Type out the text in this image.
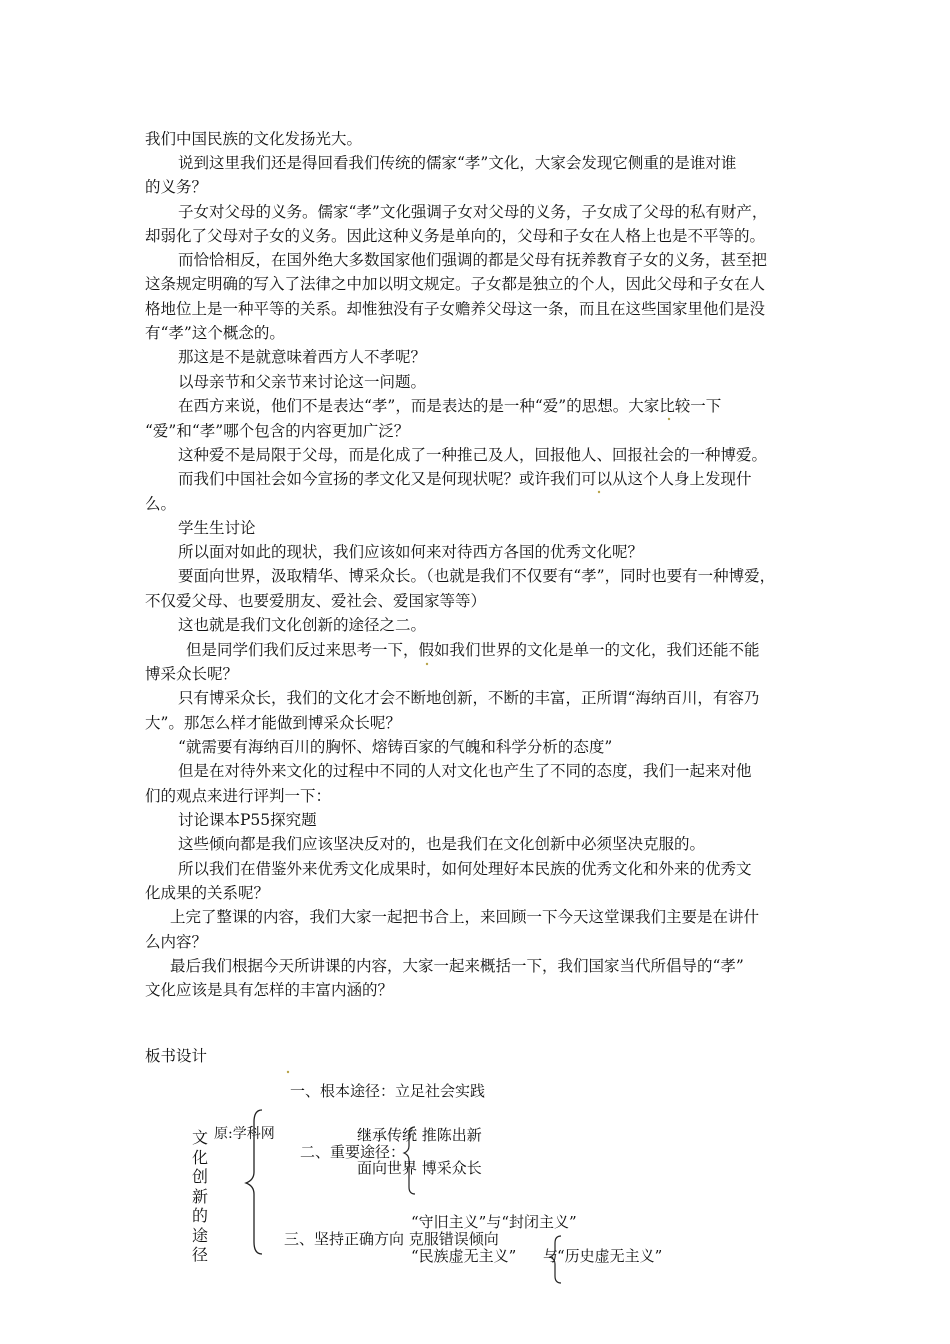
我们中国民族的文化发扬光大。
说到这里我们还是得回看我们传统的儒家“孝”文化，大家会发现它侧重的是谁对谁
的义务？
子女对父母的义务。儒家“孝”文化强调子女对父母的义务，子女成了父母的私有财产，
却弱化了父母对子女的义务。因此这种义务是单向的，父母和子女在人格上也是不平等的。
而恰恰相反，在国外绝大多数国家他们强调的都是父母有抚养教育子女的义务，甚至把
这条规定明确的写入了法律之中加以明文规定。子女都是独立的个人，因此父母和子女在人
格地位上是一种平等的关系。却惟独没有子女赡养父母这一条，而且在这些国家里他们是没
有“孝”这个概念的。
那这是不是就意味着西方人不孝呢？
以母亲节和父亲节来讨论这一问题。
在西方来说，他们不是表达“孝”，而是表达的是一种“爱”的思想。大家比较一下
“爱”和“孝”哪个包含的内容更加广泛？
这种爱不是局限于父母，而是化成了一种推己及人，回报他人、回报社会的一种博爱。
而我们中国社会如今宣扬的孝文化又是何现状呢？或许我们可以从这个人身上发现什
么。
学生生讨论
所以面对如此的现状，我们应该如何来对待西方各国的优秀文化呢？
要面向世界，汲取精华、博采众长。（也就是我们不仅要有“孝”，同时也要有一种博爱，
不仅爱父母、也要爱朋友、爱社会、爱国家等等）
这也就是我们文化创新的途径之二。
但是同学们我们反过来思考一下，假如我们世界的文化是单一的文化，我们还能不能
博采众长呢？
只有博采众长，我们的文化才会不断地创新，不断的丰富，正所谓“海纳百川，有容乃
大”。那怎么样才能做到博采众长呢？
“就需要有海纳百川的胸怀、熔铸百家的气魄和科学分析的态度”
但是在对待外来文化的过程中不同的人对文化也产生了不同的态度，我们一起来对他
们的观点来进行评判一下：
讨论课本P55探究题
这些倾向都是我们应该坚决反对的，也是我们在文化创新中必须坚决克服的。
所以我们在借鉴外来优秀文化成果时，如何处理好本民族的优秀文化和外来的优秀文
化成果的关系呢？
上完了整课的内容，我们大家一起把书合上，来回顾一下今天这堂课我们主要是在讲什
么内容？
最后我们根据今天所讲课的内容，大家一起来概括一下，我们国家当代所倡导的“孝”
文化应该是具有怎样的丰富内涵的？
板书设计
一、根本途径：立足社会实践
文化创新的途径
原:学科网	继承传统 推陈出新
二、重要途径：
面向世界 博采众长
“守旧主义”与“封闭主义”
三、坚持正确方向 克服错误倾向
“民族虚无主义” 与
“历史虚无主义”
